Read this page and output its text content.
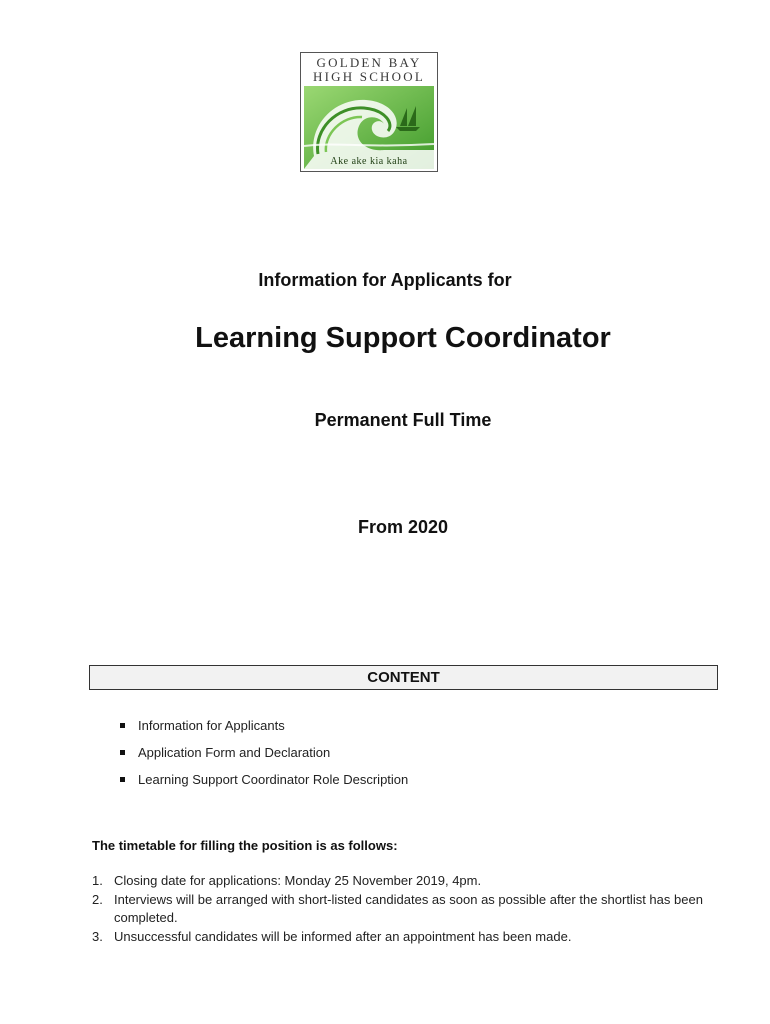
GOLDEN BAY
HIGH SCHOOL
Ake ake kia kaha
Information for Applicants for
Learning Support Coordinator
Permanent Full Time
From 2020
CONTENT
Information for Applicants
Application Form and Declaration
Learning Support Coordinator Role Description
The timetable for filling the position is as follows:
1. Closing date for applications: Monday 25 November 2019, 4pm.
2. Interviews will be arranged with short-listed candidates as soon as possible after the shortlist has been completed.
3. Unsuccessful candidates will be informed after an appointment has been made.
